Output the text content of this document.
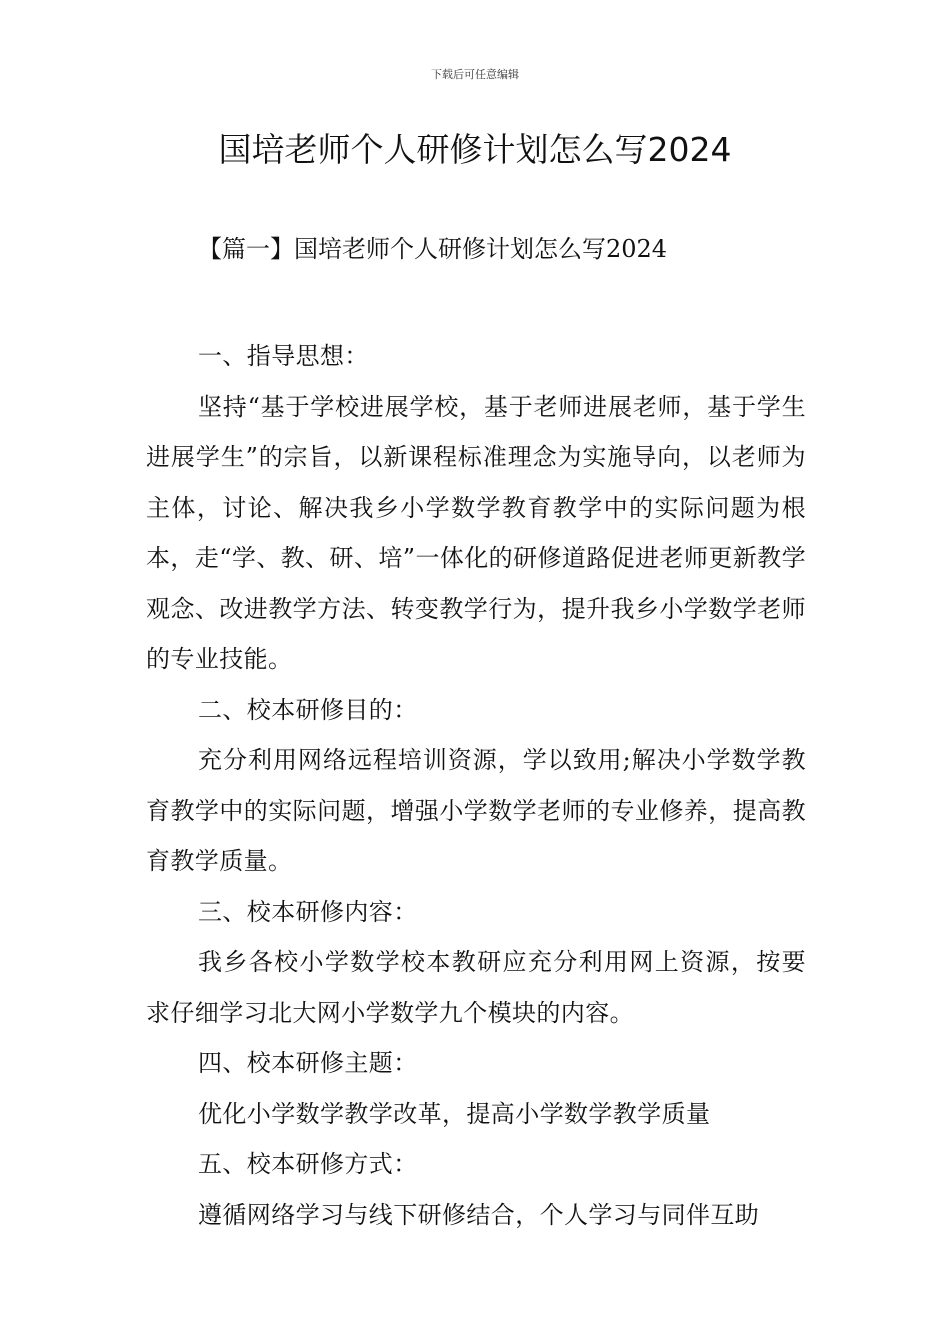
下载后可任意编辑
国培老师个人研修计划怎么写2024
【篇一】国培老师个人研修计划怎么写2024

一、指导思想：

坚持“基于学校进展学校，基于老师进展老师，基于学生进展学生”的宗旨，以新课程标准理念为实施导向，以老师为主体，讨论、解决我乡小学数学教育教学中的实际问题为根本，走“学、教、研、培”一体化的研修道路促进老师更新教学观念、改进教学方法、转变教学行为，提升我乡小学数学老师的专业技能。

二、校本研修目的：

充分利用网络远程培训资源，学以致用;解决小学数学教育教学中的实际问题，增强小学数学老师的专业修养，提高教育教学质量。

三、校本研修内容：

我乡各校小学数学校本教研应充分利用网上资源，按要求仔细学习北大网小学数学九个模块的内容。

四、校本研修主题：

优化小学数学教学改革，提高小学数学教学质量

五、校本研修方式：

遵循网络学习与线下研修结合，个人学习与同伴互助
